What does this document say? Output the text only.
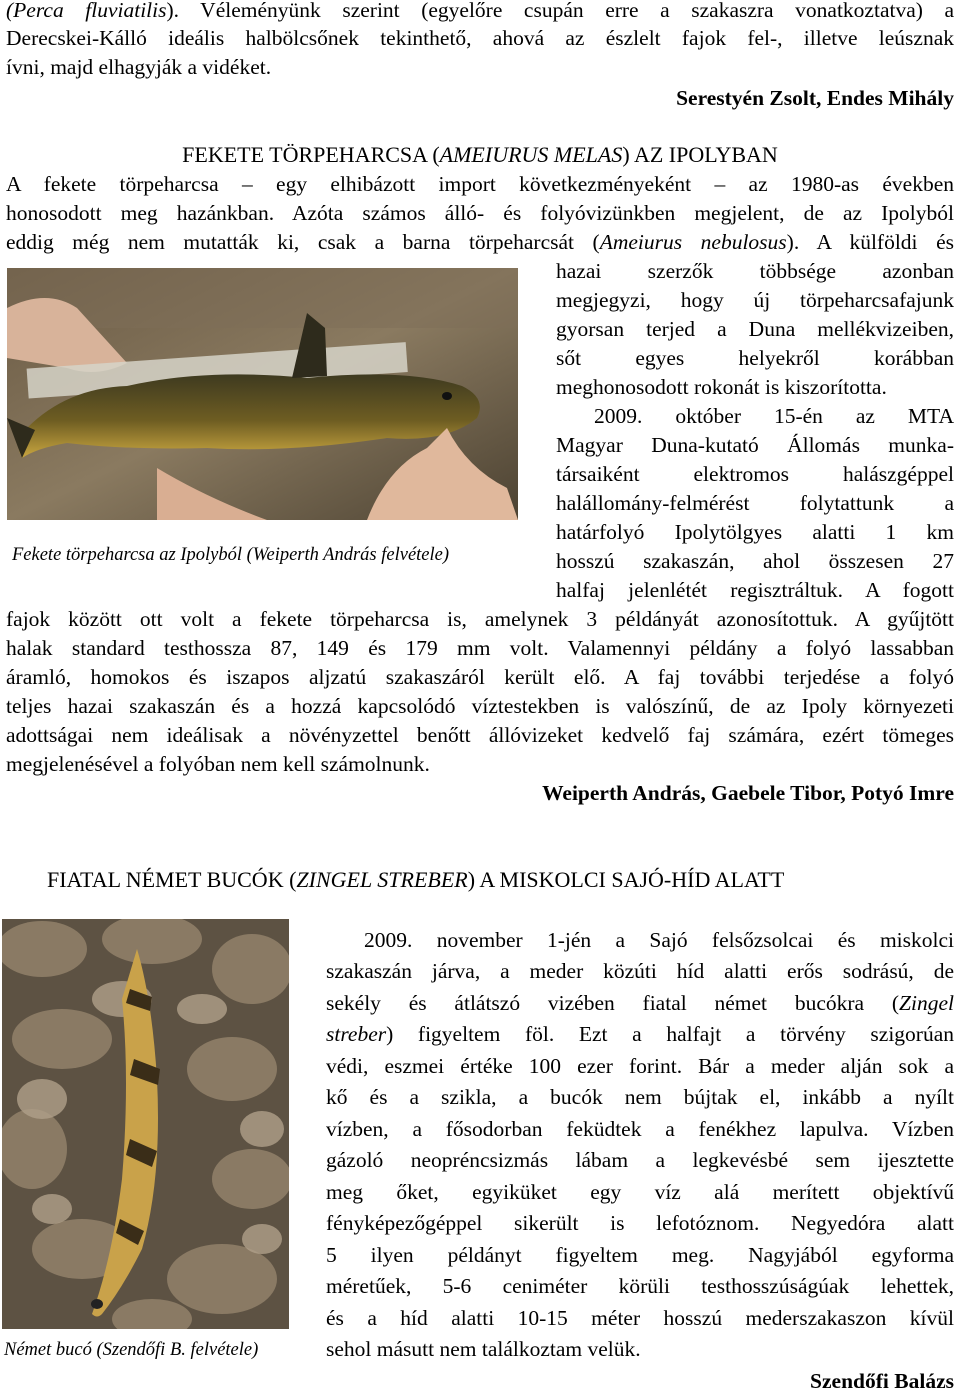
(Perca fluviatilis). Véleményünk szerint (egyelőre csupán erre a szakaszra vonatkoztatva) a
Derecskei-Kálló ideális halbölcsőnek tekinthető, ahová az észlelt fajok fel-, illetve leúsznak
ívni, majd elhagyják a vidéket.
Serestyén Zsolt, Endes Mihály
FEKETE TÖRPEHARCSA (AMEIURUS MELAS) AZ IPOLYBAN
A fekete törpeharcsa – egy elhibázott import következményeként – az 1980-as években
honosodott meg hazánkban. Azóta számos álló- és folyóvizünkben megjelent, de az Ipolyból
eddig még nem mutatták ki, csak a barna törpeharcsát (Ameiurus nebulosus). A külföldi és
Fekete törpeharcsa az Ipolyból (Weiperth András felvétele)
hazai szerzők többsége azonban
megjegyzi, hogy új törpeharcsafajunk
gyorsan terjed a Duna mellékvizeiben,
sőt egyes helyekről korábban
meghonosodott rokonát is kiszorította.
2009. október 15-én az MTA
Magyar Duna-kutató Állomás munka-
társaiként elektromos halászgéppel
halállomány-felmérést folytattunk a
határfolyó Ipolytölgyes alatti 1 km
hosszú szakaszán, ahol összesen 27
halfaj jelenlétét regisztráltuk. A fogott
fajok között ott volt a fekete törpeharcsa is, amelynek 3 példányát azonosítottuk. A gyűjtött
halak standard testhossza 87, 149 és 179 mm volt. Valamennyi példány a folyó lassabban
áramló, homokos és iszapos aljzatú szakaszáról került elő. A faj további terjedése a folyó
teljes hazai szakaszán és a hozzá kapcsolódó víztestekben is valószínű, de az Ipoly környezeti
adottságai nem ideálisak a növényzettel benőtt állóvizeket kedvelő faj számára, ezért tömeges
megjelenésével a folyóban nem kell számolnunk.
Weiperth András, Gaebele Tibor, Potyó Imre
FIATAL NÉMET BUCÓK (ZINGEL STREBER) A MISKOLCI SAJÓ-HÍD ALATT
Német bucó (Szendőfi B. felvétele)
2009. november 1-jén a Sajó felsőzsolcai és miskolci
szakaszán járva, a meder közúti híd alatti erős sodrású, de
sekély és átlátszó vizében fiatal német bucókra (Zingel
streber) figyeltem föl. Ezt a halfajt a törvény szigorúan
védi, eszmei értéke 100 ezer forint. Bár a meder alján sok a
kő és a szikla, a bucók nem bújtak el, inkább a nyílt
vízben, a fősodorban feküdtek a fenékhez lapulva. Vízben
gázoló neopréncsizmás lábam a legkevésbé sem ijesztette
meg őket, egyiküket egy víz alá merített objektívű
fényképezőgéppel sikerült is lefotóznom. Negyedóra alatt
5 ilyen példányt figyeltem meg. Nagyjából egyforma
méretűek, 5-6 ceniméter körüli testhosszúságúak lehettek,
és a híd alatti 10-15 méter hosszú mederszakaszon kívül
sehol másutt nem találkoztam velük.
Szendőfi Balázs
